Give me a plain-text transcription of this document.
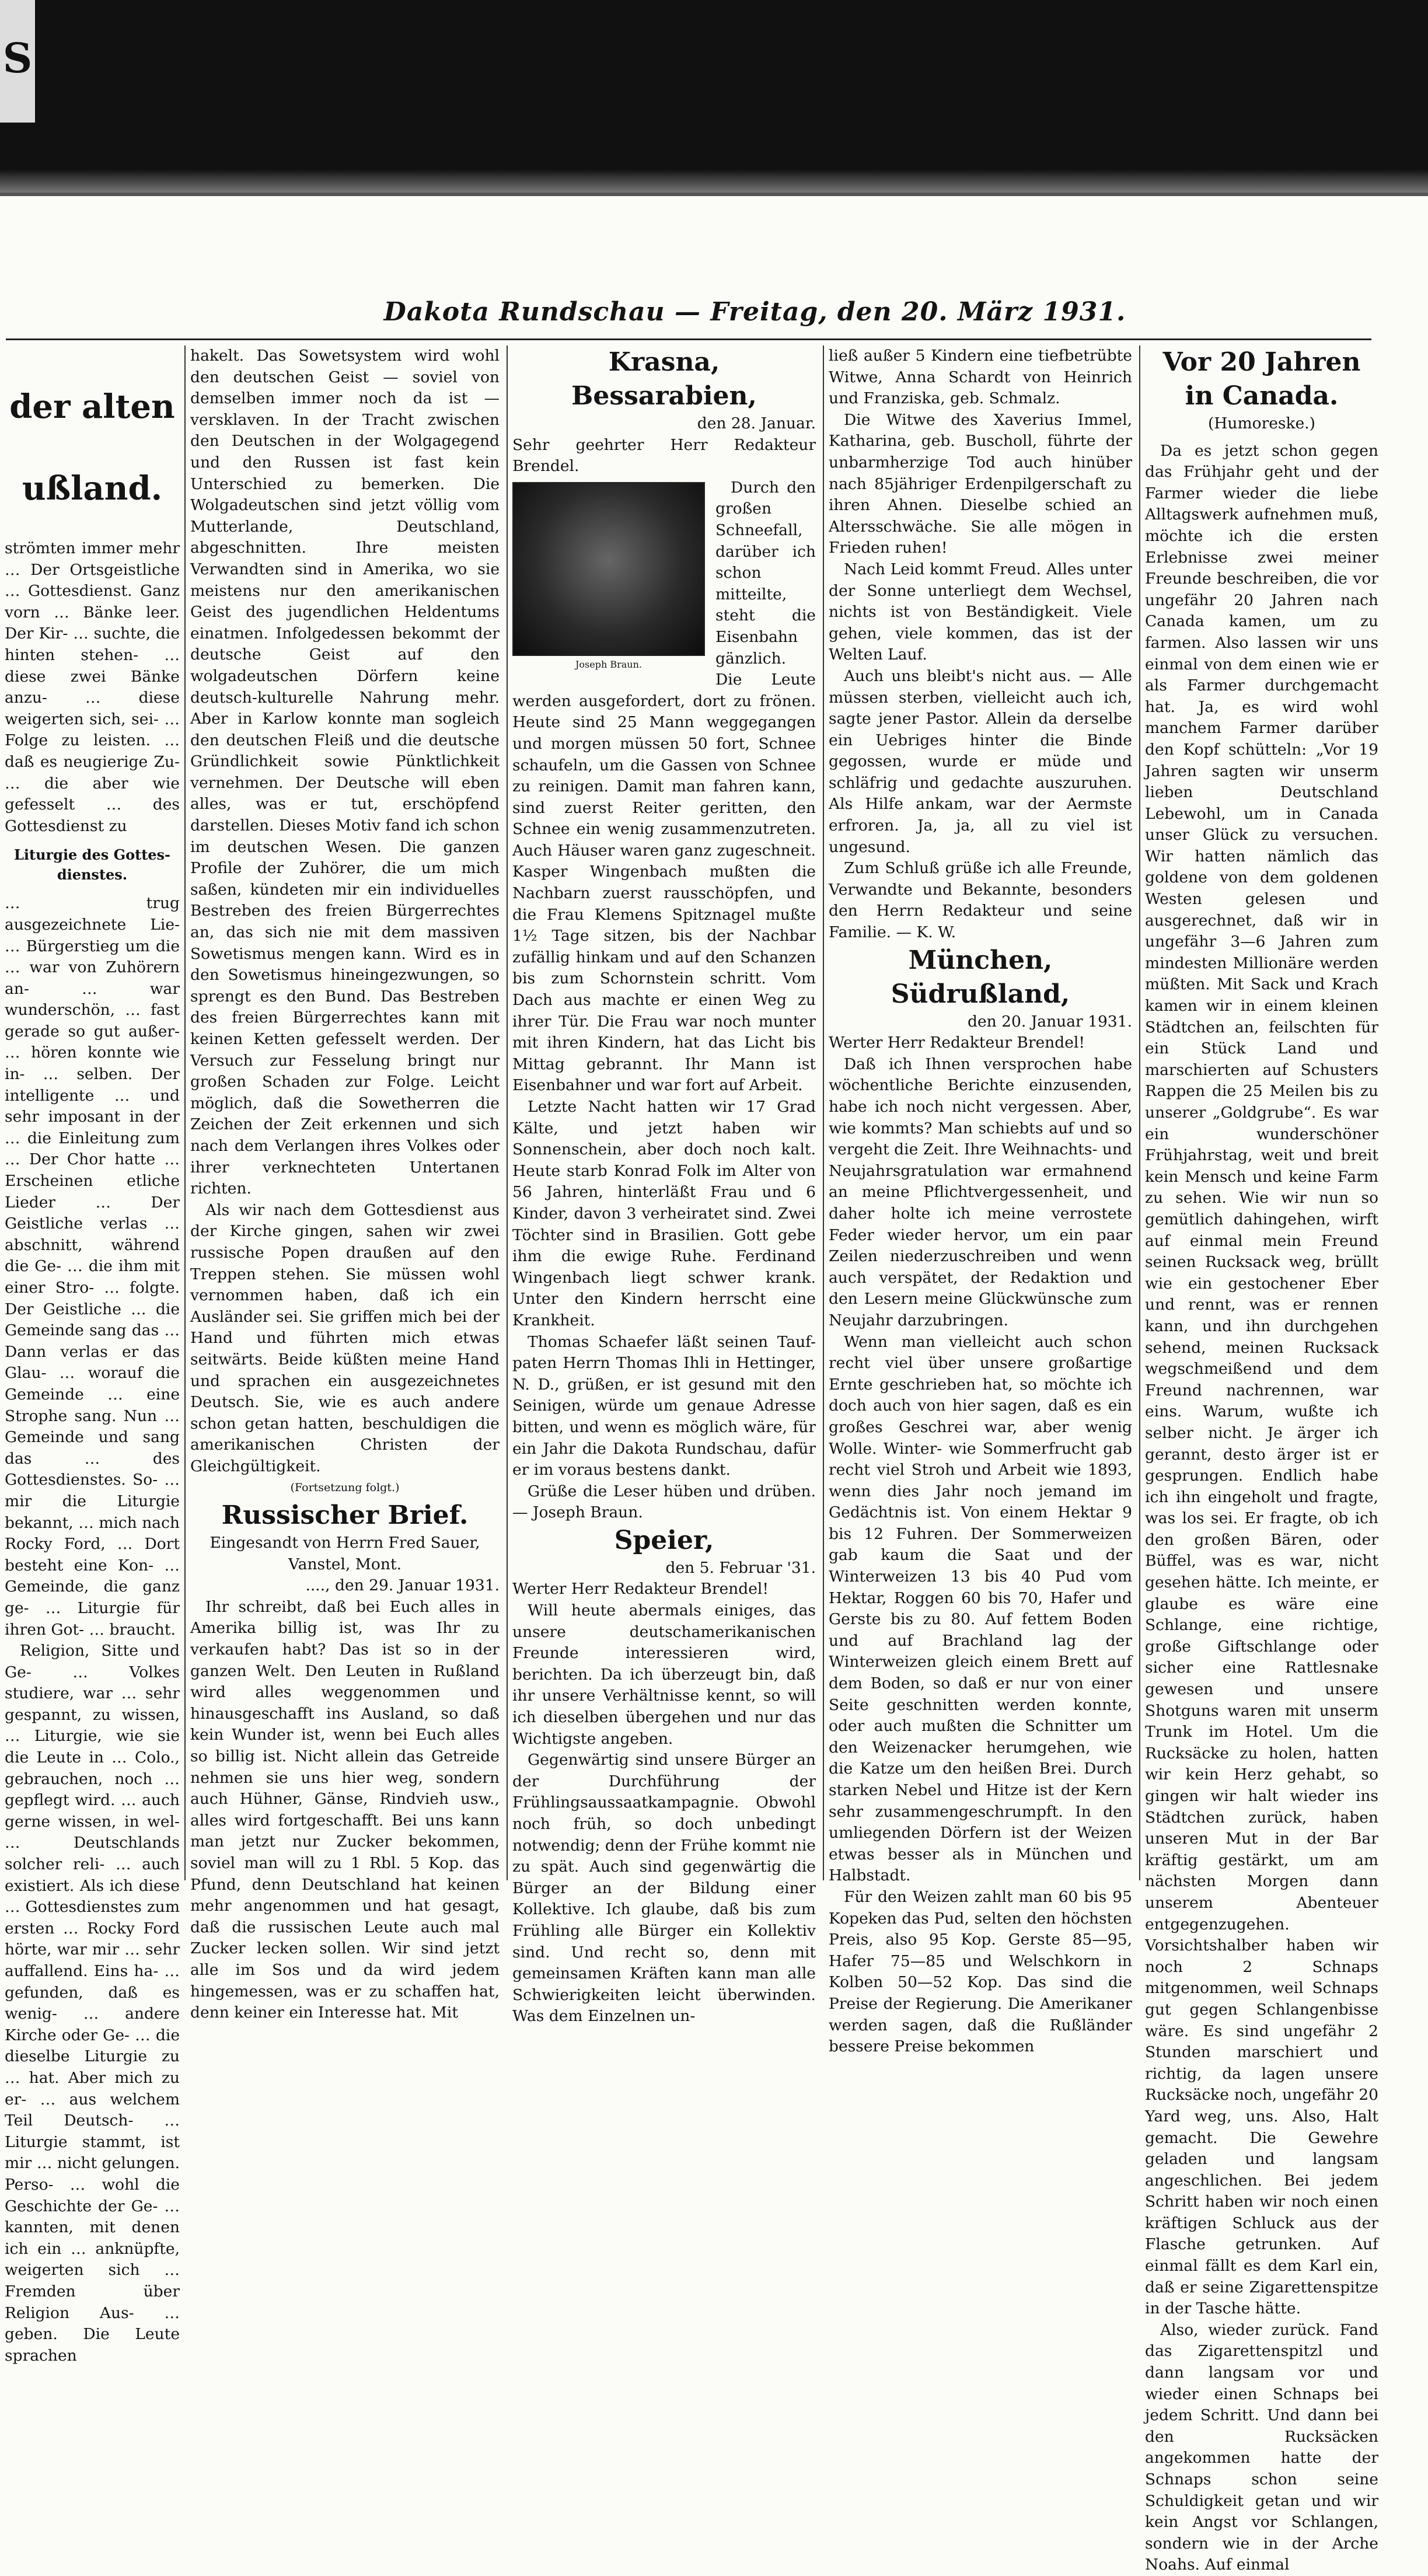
S
Dakota Rundschau — Freitag, den 20. März 1931.

der alten

ußland.

strömten immer mehr … Der Ortsgeistliche … Gottesdienst. Ganz vorn … Bänke leer. Der Kir- … suchte, die hinten stehen- … diese zwei Bänke anzu- … diese weigerten sich, sei- … Folge zu leisten. … daß es neugierige Zu- … die aber wie gefesselt … des Gottesdienst zu

Liturgie des Gottes- dienstes.

… trug ausgezeichnete Lie- … Bürgerstieg um die … war von Zuhörern an- … war wunderschön, … fast gerade so gut außer- … hören konnte wie in- … selben. Der intelligente … und sehr imposant in der … die Einleitung zum … Der Chor hatte … Erscheinen etliche Lieder … Der Geistliche verlas … abschnitt, während die Ge- … die ihm mit einer Stro- … folgte. Der Geistliche … die Gemeinde sang das … Dann verlas er das Glau- … worauf die Gemeinde … eine Strophe sang. Nun … Gemeinde und sang das … des Gottesdienstes. So- … mir die Liturgie bekannt, … mich nach Rocky Ford, … Dort besteht eine Kon- … Gemeinde, die ganz ge- … Liturgie für ihren Got- … braucht.

Religion, Sitte und Ge- … Volkes studiere, war … sehr gespannt, zu wissen, … Liturgie, wie sie die Leute in … Colo., gebrauchen, noch … gepflegt wird. … auch gerne wissen, in wel- … Deutschlands solcher reli- … auch existiert. Als ich diese … Gottesdienstes zum ersten … Rocky Ford hörte, war mir … sehr auffallend. Eins ha- … gefunden, daß es wenig- … andere Kirche oder Ge- … die dieselbe Liturgie zu … hat. Aber mich zu er- … aus welchem Teil Deutsch- … Liturgie stammt, ist mir … nicht gelungen. Perso- … wohl die Geschichte der Ge- … kannten, mit denen ich ein … anknüpfte, weigerten sich … Fremden über Religion Aus- … geben. Die Leute sprachen

hakelt. Das Sowetsystem wird wohl den deutschen Geist — soviel von demselben immer noch da ist — versklaven. In der Tracht zwischen den Deutschen in der Wolgagegend und den Russen ist fast kein Unterschied zu bemerken. Die Wolgadeutschen sind jetzt völlig vom Mutterlande, Deutschland, abgeschnitten. Ihre meisten Verwandten sind in Amerika, wo sie meistens nur den amerikanischen Geist des jugendlichen Heldentums einatmen. Infolgedessen bekommt der deutsche Geist auf den wolgadeutschen Dörfern keine deutsch-kulturelle Nahrung mehr. Aber in Karlow konnte man sogleich den deutschen Fleiß und die deutsche Gründlichkeit sowie Pünktlichkeit vernehmen. Der Deutsche will eben alles, was er tut, erschöpfend darstellen. Dieses Motiv fand ich schon im deutschen Wesen. Die ganzen Profile der Zuhörer, die um mich saßen, kündeten mir ein individuelles Bestreben des freien Bürgerrechtes an, das sich nie mit dem massiven Sowetismus mengen kann. Wird es in den Sowetismus hineingezwungen, so sprengt es den Bund. Das Bestreben des freien Bürgerrechtes kann mit keinen Ketten gefesselt werden. Der Versuch zur Fesselung bringt nur großen Schaden zur Folge. Leicht möglich, daß die Sowetherren die Zeichen der Zeit erkennen und sich nach dem Verlangen ihres Volkes oder ihrer verknechteten Untertanen richten.

Als wir nach dem Gottesdienst aus der Kirche gingen, sahen wir zwei russische Popen draußen auf den Treppen stehen. Sie müssen wohl vernommen haben, daß ich ein Ausländer sei. Sie griffen mich bei der Hand und führten mich etwas seitwärts. Beide küßten meine Hand und sprachen ein ausgezeichnetes Deutsch. Sie, wie es auch andere schon getan hatten, beschuldigen die amerikanischen Christen der Gleichgültigkeit.

(Fortsetzung folgt.)

Russischer Brief.

Eingesandt von Herrn Fred Sauer, Vanstel, Mont.

...., den 29. Januar 1931.

Ihr schreibt, daß bei Euch alles in Amerika billig ist, was Ihr zu verkaufen habt? Das ist so in der ganzen Welt. Den Leuten in Rußland wird alles weggenommen und hinausgeschafft ins Ausland, so daß kein Wunder ist, wenn bei Euch alles so billig ist. Nicht allein das Getreide nehmen sie uns hier weg, sondern auch Hühner, Gänse, Rindvieh usw., alles wird fortgeschafft. Bei uns kann man jetzt nur Zucker bekommen, soviel man will zu 1 Rbl. 5 Kop. das Pfund, denn Deutschland hat keinen mehr angenommen und hat gesagt, daß die russischen Leute auch mal Zucker lecken sollen. Wir sind jetzt alle im Sos und da wird jedem hingemessen, was er zu schaffen hat, denn keiner ein Interesse hat. Mit

Krasna, Bessarabien,

den 28. Januar.

Sehr geehrter Herr Redakteur Brendel.

Joseph Braun.

Durch den großen Schneefall, darüber ich schon mitteilte, steht die Eisenbahn gänzlich. Die Leute werden ausgefordert, dort zu frönen. Heute sind 25 Mann weggegangen und morgen müssen 50 fort, Schnee schaufeln, um die Gassen von Schnee zu reinigen. Damit man fahren kann, sind zuerst Reiter geritten, den Schnee ein wenig zusammenzutreten. Auch Häuser waren ganz zugeschneit. Kasper Wingenbach mußten die Nachbarn zuerst rausschöpfen, und die Frau Klemens Spitznagel mußte 1½ Tage sitzen, bis der Nachbar zufällig hinkam und auf den Schanzen bis zum Schornstein schritt. Vom Dach aus machte er einen Weg zu ihrer Tür. Die Frau war noch munter mit ihren Kindern, hat das Licht bis Mittag gebrannt. Ihr Mann ist Eisenbahner und war fort auf Arbeit.

Letzte Nacht hatten wir 17 Grad Kälte, und jetzt haben wir Sonnenschein, aber doch noch kalt. Heute starb Konrad Folk im Alter von 56 Jahren, hinterläßt Frau und 6 Kinder, davon 3 verheiratet sind. Zwei Töchter sind in Brasilien. Gott gebe ihm die ewige Ruhe. Ferdinand Wingenbach liegt schwer krank. Unter den Kindern herrscht eine Krankheit.

Thomas Schaefer läßt seinen Tauf-paten Herrn Thomas Ihli in Hettinger, N. D., grüßen, er ist gesund mit den Seinigen, würde um genaue Adresse bitten, und wenn es möglich wäre, für ein Jahr die Dakota Rundschau, dafür er im voraus bestens dankt.

Grüße die Leser hüben und drüben. — Joseph Braun.

Speier,

den 5. Februar '31.

Werter Herr Redakteur Brendel!

Will heute abermals einiges, das unsere deutschamerikanischen Freunde interessieren wird, berichten. Da ich überzeugt bin, daß ihr unsere Verhältnisse kennt, so will ich dieselben übergehen und nur das Wichtigste angeben.

Gegenwärtig sind unsere Bürger an der Durchführung der Frühlingsaussaatkampagnie. Obwohl noch früh, so doch unbedingt notwendig; denn der Frühe kommt nie zu spät. Auch sind gegenwärtig die Bürger an der Bildung einer Kollektive. Ich glaube, daß bis zum Frühling alle Bürger ein Kollektiv sind. Und recht so, denn mit gemeinsamen Kräften kann man alle Schwierigkeiten leicht überwinden. Was dem Einzelnen un-

ließ außer 5 Kindern eine tiefbetrübte Witwe, Anna Schardt von Heinrich und Franziska, geb. Schmalz.

Die Witwe des Xaverius Immel, Katharina, geb. Buscholl, führte der unbarmherzige Tod auch hinüber nach 85jähriger Erdenpilgerschaft zu ihren Ahnen. Dieselbe schied an Altersschwäche. Sie alle mögen in Frieden ruhen!

Nach Leid kommt Freud. Alles unter der Sonne unterliegt dem Wechsel, nichts ist von Beständigkeit. Viele gehen, viele kommen, das ist der Welten Lauf.

Auch uns bleibt's nicht aus. — Alle müssen sterben, vielleicht auch ich, sagte jener Pastor. Allein da derselbe ein Uebriges hinter die Binde gegossen, wurde er müde und schläfrig und gedachte auszuruhen. Als Hilfe ankam, war der Aermste erfroren. Ja, ja, all zu viel ist ungesund.

Zum Schluß grüße ich alle Freunde, Verwandte und Bekannte, besonders den Herrn Redakteur und seine Familie. — K. W.

München, Südrußland,

den 20. Januar 1931.

Werter Herr Redakteur Brendel!

Daß ich Ihnen versprochen habe wöchentliche Berichte einzusenden, habe ich noch nicht vergessen. Aber, wie kommts? Man schiebts auf und so vergeht die Zeit. Ihre Weihnachts- und Neujahrsgratulation war ermahnend an meine Pflichtvergessenheit, und daher holte ich meine verrostete Feder wieder hervor, um ein paar Zeilen niederzuschreiben und wenn auch verspätet, der Redaktion und den Lesern meine Glückwünsche zum Neujahr darzubringen.

Wenn man vielleicht auch schon recht viel über unsere großartige Ernte geschrieben hat, so möchte ich doch auch von hier sagen, daß es ein großes Geschrei war, aber wenig Wolle. Winter- wie Sommerfrucht gab recht viel Stroh und Arbeit wie 1893, wenn dies Jahr noch jemand im Gedächtnis ist. Von einem Hektar 9 bis 12 Fuhren. Der Sommerweizen gab kaum die Saat und der Winterweizen 13 bis 40 Pud vom Hektar, Roggen 60 bis 70, Hafer und Gerste bis zu 80. Auf fettem Boden und auf Brachland lag der Winterweizen gleich einem Brett auf dem Boden, so daß er nur von einer Seite geschnitten werden konnte, oder auch mußten die Schnitter um den Weizenacker herumgehen, wie die Katze um den heißen Brei. Durch starken Nebel und Hitze ist der Kern sehr zusammengeschrumpft. In den umliegenden Dörfern ist der Weizen etwas besser als in München und Halbstadt.

Für den Weizen zahlt man 60 bis 95 Kopeken das Pud, selten den höchsten Preis, also 95 Kop. Gerste 85—95, Hafer 75—85 und Welschkorn in Kolben 50—52 Kop. Das sind die Preise der Regierung. Die Amerikaner werden sagen, daß die Rußländer bessere Preise bekommen

Vor 20 Jahren in Canada.

(Humoreske.)

Da es jetzt schon gegen das Frühjahr geht und der Farmer wieder die liebe Alltagswerk aufnehmen muß, möchte ich die ersten Erlebnisse zwei meiner Freunde beschreiben, die vor ungefähr 20 Jahren nach Canada kamen, um zu farmen. Also lassen wir uns einmal von dem einen wie er als Farmer durchgemacht hat. Ja, es wird wohl manchem Farmer darüber den Kopf schütteln: „Vor 19 Jahren sagten wir unserm lieben Deutschland Lebewohl, um in Canada unser Glück zu versuchen. Wir hatten nämlich das goldene von dem goldenen Westen gelesen und ausgerechnet, daß wir in ungefähr 3—6 Jahren zum mindesten Millionäre werden müßten. Mit Sack und Krach kamen wir in einem kleinen Städtchen an, feilschten für ein Stück Land und marschierten auf Schusters Rappen die 25 Meilen bis zu unserer „Goldgrube“. Es war ein wunderschöner Frühjahrstag, weit und breit kein Mensch und keine Farm zu sehen. Wie wir nun so gemütlich dahingehen, wirft auf einmal mein Freund seinen Rucksack weg, brüllt wie ein gestochener Eber und rennt, was er rennen kann, und ihn durchgehen sehend, meinen Rucksack wegschmeißend und dem Freund nachrennen, war eins. Warum, wußte ich selber nicht. Je ärger ich gerannt, desto ärger ist er gesprungen. Endlich habe ich ihn eingeholt und fragte, was los sei. Er fragte, ob ich den großen Bären, oder Büffel, was es war, nicht gesehen hätte. Ich meinte, er glaube es wäre eine Schlange, eine richtige, große Giftschlange oder sicher eine Rattlesnake gewesen und unsere Shotguns waren mit unserm Trunk im Hotel. Um die Rucksäcke zu holen, hatten wir kein Herz gehabt, so gingen wir halt wieder ins Städtchen zurück, haben unseren Mut in der Bar kräftig gestärkt, um am nächsten Morgen dann unserem Abenteuer entgegenzugehen. Vorsichtshalber haben wir noch 2 Schnaps mitgenommen, weil Schnaps gut gegen Schlangenbisse wäre. Es sind ungefähr 2 Stunden marschiert und richtig, da lagen unsere Rucksäcke noch, ungefähr 20 Yard weg, uns. Also, Halt gemacht. Die Gewehre geladen und langsam angeschlichen. Bei jedem Schritt haben wir noch einen kräftigen Schluck aus der Flasche getrunken. Auf einmal fällt es dem Karl ein, daß er seine Zigarettenspitze in der Tasche hätte.

Also, wieder zurück. Fand das Zigarettenspitzl und dann langsam vor und wieder einen Schnaps bei jedem Schritt. Und dann bei den Rucksäcken angekommen hatte der Schnaps schon seine Schuldigkeit getan und wir kein Angst vor Schlangen, sondern wie in der Arche Noahs. Auf einmal
